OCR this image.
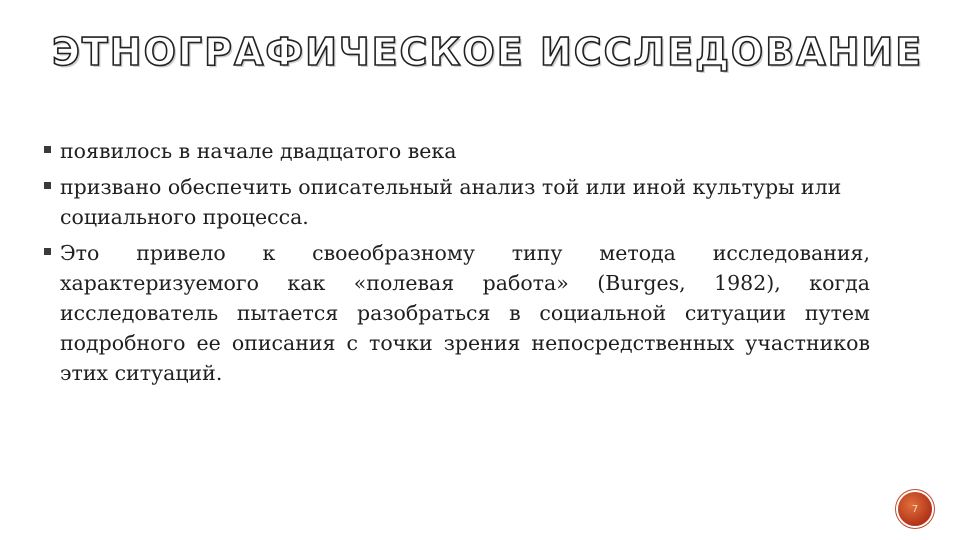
ЭТНОГРАФИЧЕСКОЕ ИССЛЕДОВАНИЕ
появилось в начале двадцатого века
призвано обеспечить описательный анализ той или иной культуры или социального процесса.
Это привело к своеобразному типу метода исследования, характеризуемого как «полевая работа» (Burges, 1982), когда исследователь пытается разобраться в социальной ситуации путем подробного ее описания с точки зрения непосредственных участников этих ситуаций.
7
